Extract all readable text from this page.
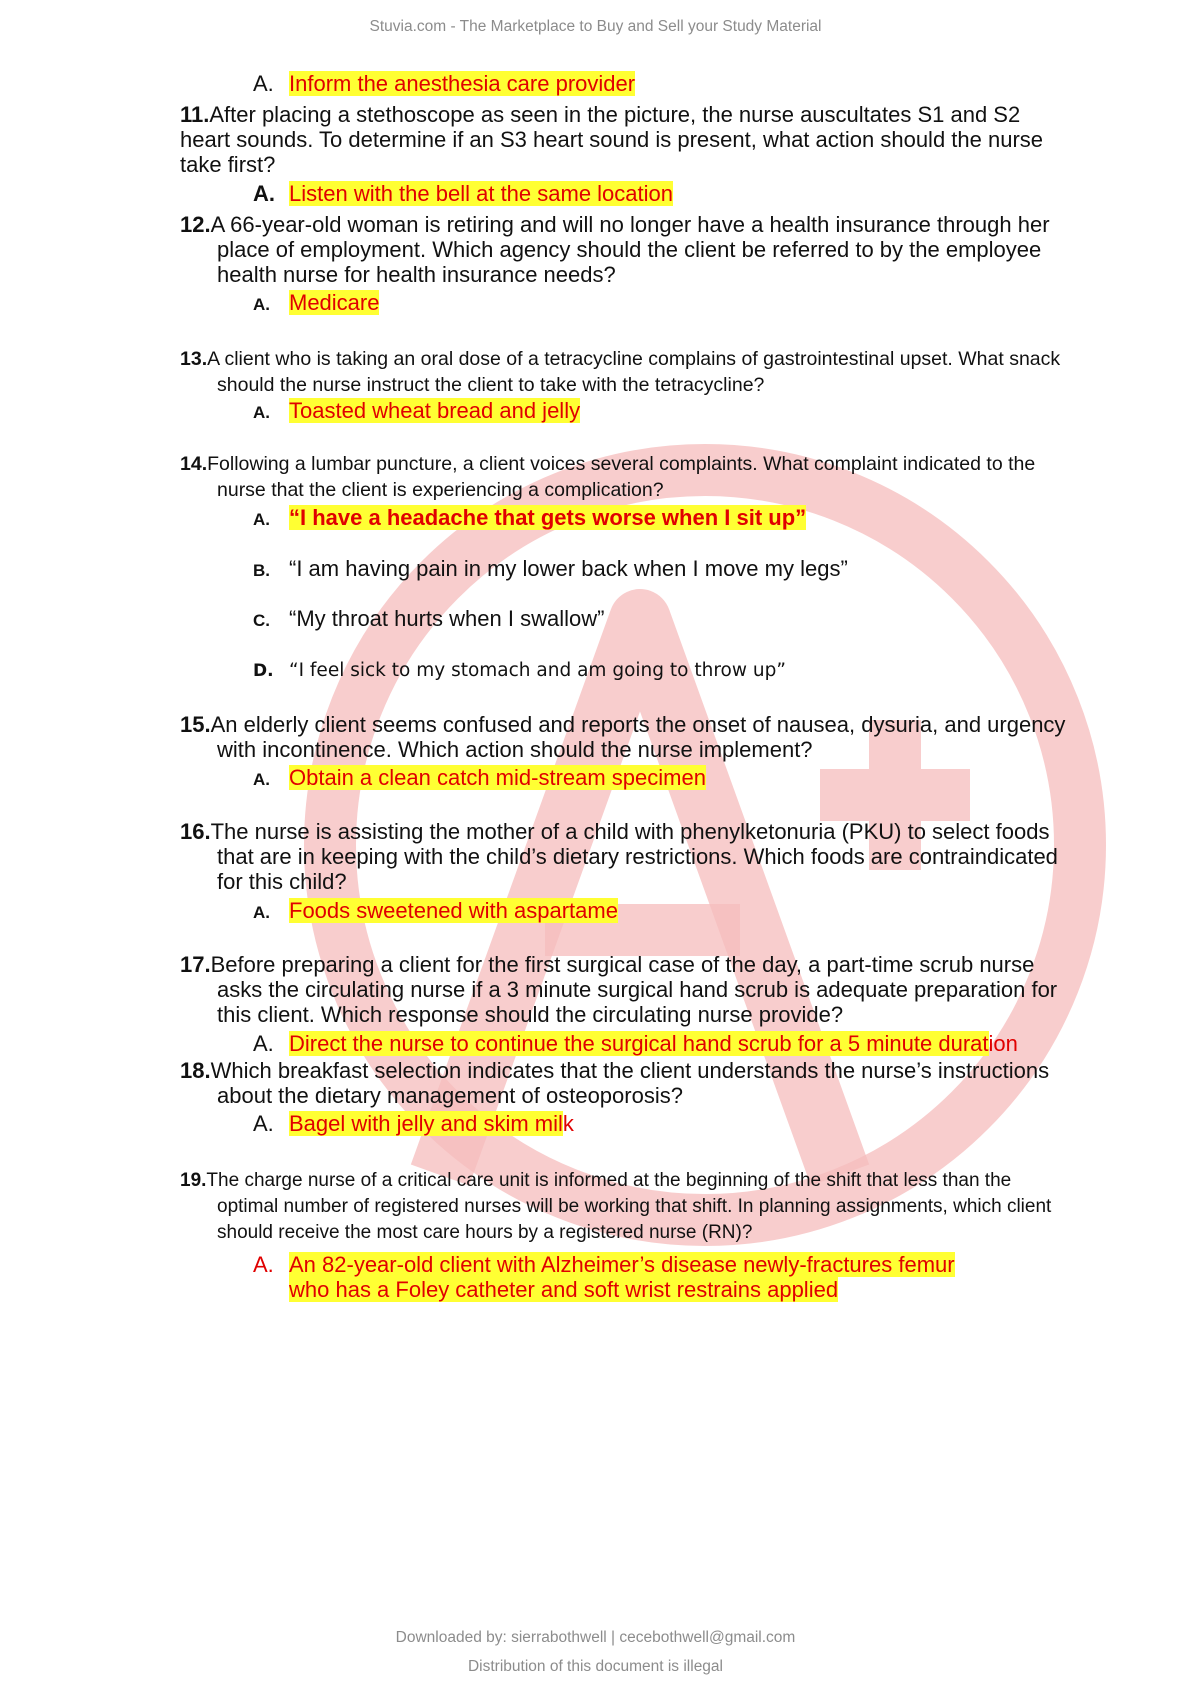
Stuvia.com - The Marketplace to Buy and Sell your Study Material
A. Inform the anesthesia care provider
11.After placing a stethoscope as seen in the picture, the nurse auscultates S1 and S2 heart sounds. To determine if an S3 heart sound is present, what action should the nurse take first?
A. Listen with the bell at the same location
12.A 66-year-old woman is retiring and will no longer have a health insurance through her place of employment. Which agency should the client be referred to by the employee health nurse for health insurance needs?
A. Medicare
13.A client who is taking an oral dose of a tetracycline complains of gastrointestinal upset. What snack should the nurse instruct the client to take with the tetracycline?
A. Toasted wheat bread and jelly
14.Following a lumbar puncture, a client voices several complaints. What complaint indicated to the nurse that the client is experiencing a complication?
A. “I have a headache that gets worse when I sit up”
B. “I am having pain in my lower back when I move my legs”
C. “My throat hurts when I swallow”
D. “I feel sick to my stomach and am going to throw up”
15.An elderly client seems confused and reports the onset of nausea, dysuria, and urgency with incontinence. Which action should the nurse implement?
A. Obtain a clean catch mid-stream specimen
16.The nurse is assisting the mother of a child with phenylketonuria (PKU) to select foods that are in keeping with the child’s dietary restrictions. Which foods are contraindicated for this child?
A. Foods sweetened with aspartame
17.Before preparing a client for the first surgical case of the day, a part-time scrub nurse asks the circulating nurse if a 3 minute surgical hand scrub is adequate preparation for this client. Which response should the circulating nurse provide?
A. Direct the nurse to continue the surgical hand scrub for a 5 minute duration
18.Which breakfast selection indicates that the client understands the nurse’s instructions about the dietary management of osteoporosis?
A. Bagel with jelly and skim milk
19.The charge nurse of a critical care unit is informed at the beginning of the shift that less than the optimal number of registered nurses will be working that shift. In planning assignments, which client should receive the most care hours by a registered nurse (RN)?
A. An 82-year-old client with Alzheimer’s disease newly-fractures femur
who has a Foley catheter and soft wrist restrains applied
Downloaded by: sierrabothwell | cecebothwell@gmail.com
Distribution of this document is illegal
